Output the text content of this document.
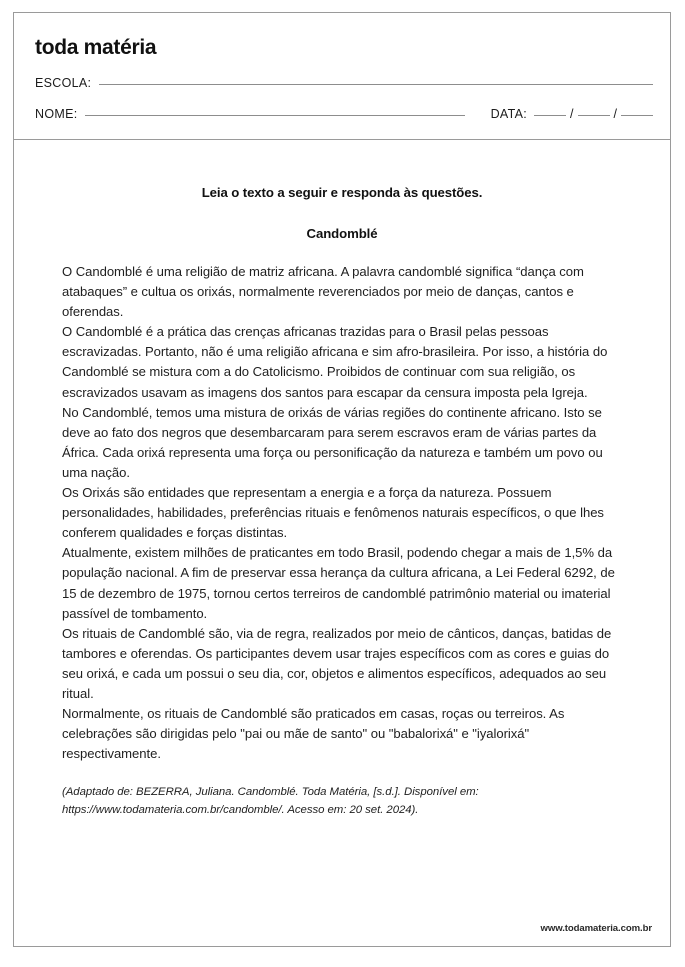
toda matéria
ESCOLA:
NOME:	DATA:	/	/
Leia o texto a seguir e responda às questões.
Candomblé

O Candomblé é uma religião de matriz africana. A palavra candomblé significa “dança com atabaques” e cultua os orixás, normalmente reverenciados por meio de danças, cantos e oferendas.

O Candomblé é a prática das crenças africanas trazidas para o Brasil pelas pessoas escravizadas. Portanto, não é uma religião africana e sim afro-brasileira. Por isso, a história do Candomblé se mistura com a do Catolicismo. Proibidos de continuar com sua religião, os escravizados usavam as imagens dos santos para escapar da censura imposta pela Igreja.

No Candomblé, temos uma mistura de orixás de várias regiões do continente africano. Isto se deve ao fato dos negros que desembarcaram para serem escravos eram de várias partes da África. Cada orixá representa uma força ou personificação da natureza e também um povo ou uma nação.

Os Orixás são entidades que representam a energia e a força da natureza. Possuem personalidades, habilidades, preferências rituais e fenômenos naturais específicos, o que lhes conferem qualidades e forças distintas.

Atualmente, existem milhões de praticantes em todo Brasil, podendo chegar a mais de 1,5% da população nacional. A fim de preservar essa herança da cultura africana, a Lei Federal 6292, de 15 de dezembro de 1975, tornou certos terreiros de candomblé patrimônio material ou imaterial passível de tombamento.

Os rituais de Candomblé são, via de regra, realizados por meio de cânticos, danças, batidas de tambores e oferendas. Os participantes devem usar trajes específicos com as cores e guias do seu orixá, e cada um possui o seu dia, cor, objetos e alimentos específicos, adequados ao seu ritual.

Normalmente, os rituais de Candomblé são praticados em casas, roças ou terreiros. As celebrações são dirigidas pelo "pai ou mãe de santo" ou "babalorixá" e "iyalorixá" respectivamente.

(Adaptado de: BEZERRA, Juliana. Candomblé. Toda Matéria, [s.d.]. Disponível em: https://www.todamateria.com.br/candomble/. Acesso em: 20 set. 2024).
www.todamateria.com.br
